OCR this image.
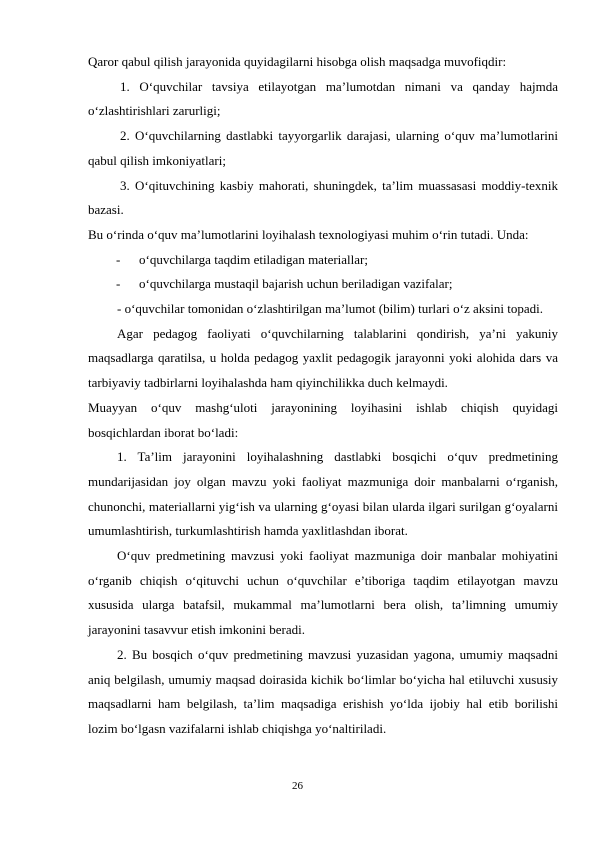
Qaror qabul qilish jarayonida quyidagilarni hisobga olish maqsadga muvofiqdir:

1. O‘quvchilar tavsiya etilayotgan ma’lumotdan nimani va qanday hajmda o‘zlashtirishlari zarurligi;

2. O‘quvchilarning dastlabki tayyorgarlik darajasi, ularning o‘quv ma’lumotlarini qabul qilish imkoniyatlari;

3. O‘qituvchining kasbiy mahorati, shuningdek, ta’lim muassasasi moddiy-texnik bazasi.

Bu o‘rinda o‘quv ma’lumotlarini loyihalash texnologiyasi muhim o‘rin tutadi. Unda:

-	o‘quvchilarga taqdim etiladigan materiallar;
-	o‘quvchilarga mustaqil bajarish uchun beriladigan vazifalar;

- o‘quvchilar tomonidan o‘zlashtirilgan ma’lumot (bilim) turlari o‘z aksini topadi.

Agar pedagog faoliyati o‘quvchilarning talablarini qondirish, ya’ni yakuniy maqsadlarga qaratilsa, u holda pedagog yaxlit pedagogik jarayonni yoki alohida dars va tarbiyaviy tadbirlarni loyihalashda ham qiyinchilikka duch kelmaydi.

Muayyan o‘quv mashg‘uloti jarayonining loyihasini ishlab chiqish quyidagi bosqichlardan iborat bo‘ladi:

1. Ta’lim jarayonini loyihalashning dastlabki bosqichi o‘quv predmetining mundarijasidan joy olgan mavzu yoki faoliyat mazmuniga doir manbalarni o‘rganish, chunonchi, materiallarni yig‘ish va ularning g‘oyasi bilan ularda ilgari surilgan g‘oyalarni umumlashtirish, turkumlashtirish hamda yaxlitlashdan iborat.

O‘quv predmetining mavzusi yoki faoliyat mazmuniga doir manbalar mohiyatini o‘rganib chiqish o‘qituvchi uchun o‘quvchilar e’tiboriga taqdim etilayotgan mavzu xususida ularga batafsil, mukammal ma’lumotlarni bera olish, ta’limning umumiy jarayonini tasavvur etish imkonini beradi.

2. Bu bosqich o‘quv predmetining mavzusi yuzasidan yagona, umumiy maqsadni aniq belgilash, umumiy maqsad doirasida kichik bo‘limlar bo‘yicha hal etiluvchi xususiy maqsadlarni ham belgilash, ta’lim maqsadiga erishish yo‘lda ijobiy hal etib borilishi lozim bo‘lgasn vazifalarni ishlab chiqishga yo‘naltiriladi.

26
